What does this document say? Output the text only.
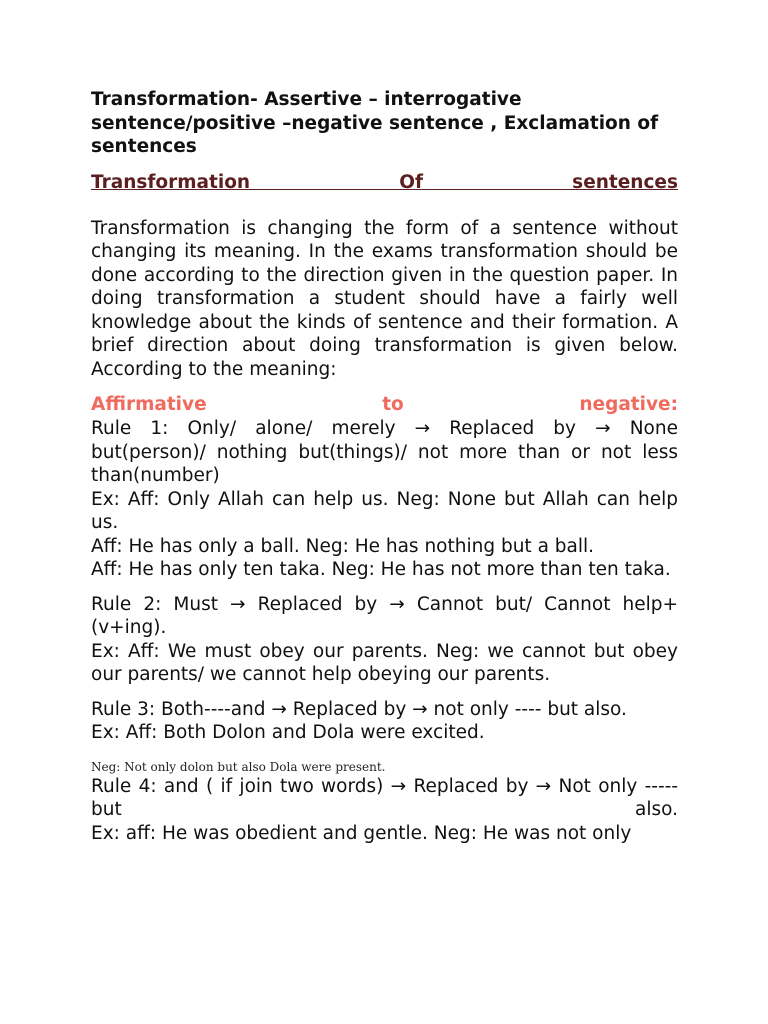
Transformation- Assertive – interrogative sentence/positive –negative sentence , Exclamation of sentences
Transformation Of sentences

Transformation is changing the form of a sentence without changing its meaning. In the exams transformation should be done according to the direction given in the question paper. In doing transformation a student should have a fairly well knowledge about the kinds of sentence and their formation. A brief direction about doing transformation is given below.

According to the meaning:

Affirmative to negative:

Rule 1: Only/ alone/ merely → Replaced by → None but(person)/ nothing but(things)/ not more than or not less than(number)

Ex: Aff: Only Allah can help us. Neg: None but Allah can help us.

Aff: He has only a ball. Neg: He has nothing but a ball.

Aff: He has only ten taka. Neg: He has not more than ten taka.

Rule 2: Must → Replaced by → Cannot but/ Cannot help+(v+ing).

Ex: Aff: We must obey our parents. Neg: we cannot but obey our parents/ we cannot help obeying our parents.

Rule 3: Both----and → Replaced by → not only ---- but also.

Ex: Aff: Both Dolon and Dola were excited.

Neg: Not only dolon but also Dola were present.

Rule 4: and ( if join two words) → Replaced by → Not only ----- but also.

Ex: aff: He was obedient and gentle. Neg: He was not only
